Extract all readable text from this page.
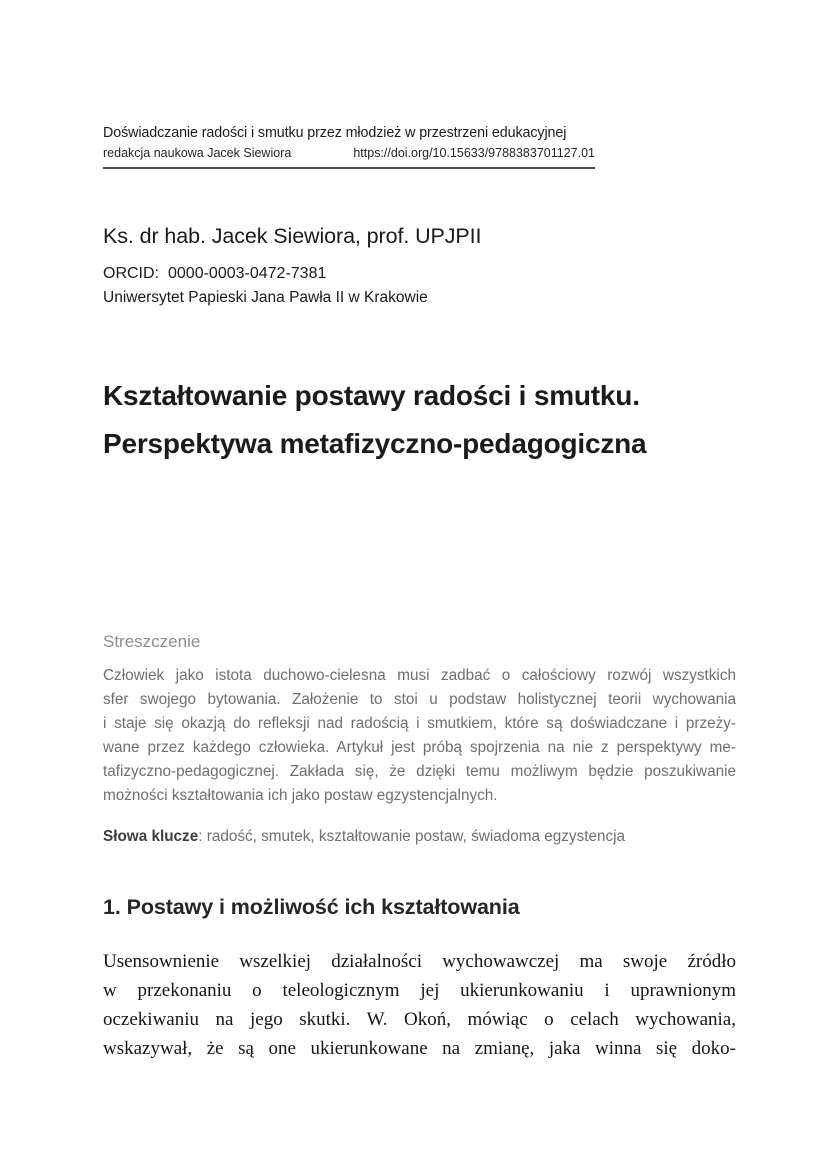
Doświadczanie radości i smutku przez młodzież w przestrzeni edukacyjnej
redakcja naukowa Jacek Siewiora	https://doi.org/10.15633/9788383701127.01
Ks. dr hab. Jacek Siewiora, prof. UPJPII
ORCID: 0000-0003-0472-7381
Uniwersytet Papieski Jana Pawła II w Krakowie
Kształtowanie postawy radości i smutku.
Perspektywa metafizyczno-pedagogiczna
Streszczenie
Człowiek jako istota duchowo-cielesna musi zadbać o całościowy rozwój wszystkich
sfer swojego bytowania. Założenie to stoi u podstaw holistycznej teorii wychowania
i staje się okazją do refleksji nad radością i smutkiem, które są doświadczane i przeży-
wane przez każdego człowieka. Artykuł jest próbą spojrzenia na nie z perspektywy me-
tafizyczno-pedagogicznej. Zakłada się, że dzięki temu możliwym będzie poszukiwanie
możności kształtowania ich jako postaw egzystencjalnych.
Słowa klucze: radość, smutek, kształtowanie postaw, świadoma egzystencja
1. Postawy i możliwość ich kształtowania
Usensownienie wszelkiej działalności wychowawczej ma swoje źródło
w przekonaniu o teleologicznym jej ukierunkowaniu i uprawnionym
oczekiwaniu na jego skutki. W. Okoń, mówiąc o celach wychowania,
wskazywał, że są one ukierunkowane na zmianę, jaka winna się doko-
